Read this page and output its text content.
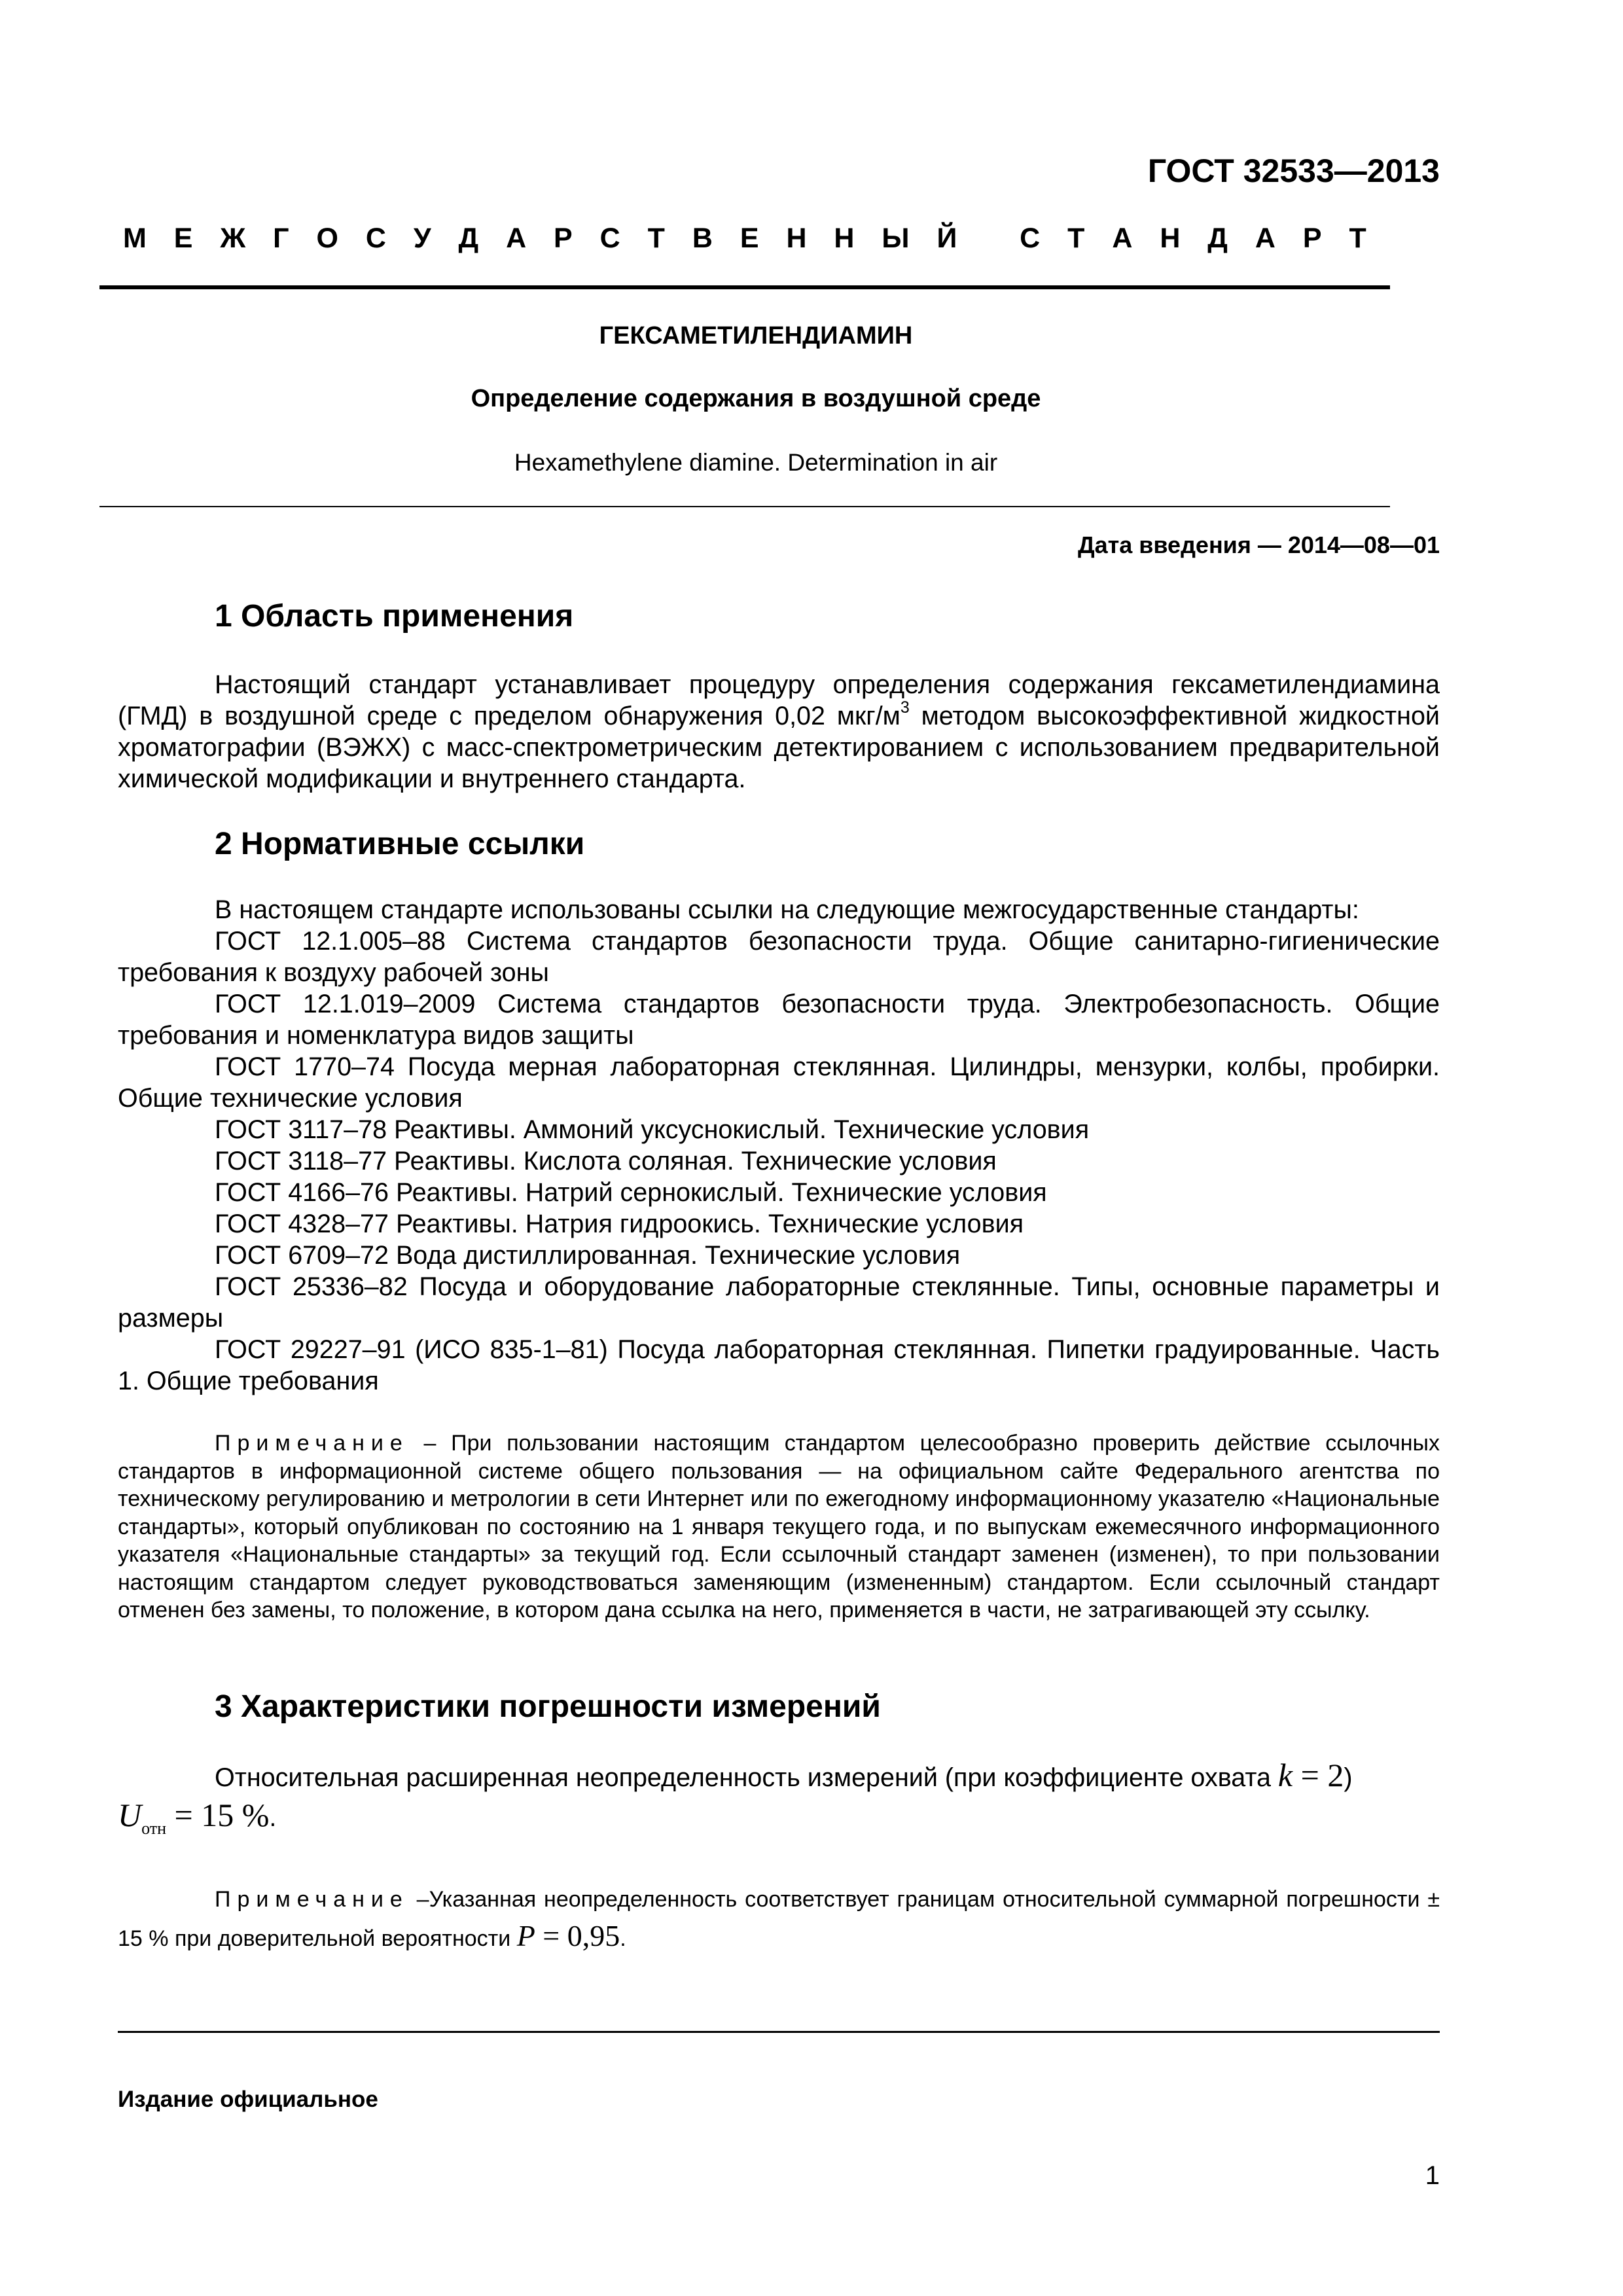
ГОСТ 32533—2013
М Е Ж Г О С У Д А Р С Т В Е Н Н Ы Й
С Т А Н Д А Р Т
ГЕКСАМЕТИЛЕНДИАМИН
Определение содержания в воздушной среде
Hexamethylene diamine. Determination in air
Дата введения — 2014—08—01
1 Область применения
Настоящий стандарт устанавливает процедуру определения содержания гексаметилендиамина (ГМД) в воздушной среде с пределом обнаружения 0,02 мкг/$м^3$ методом высокоэффективной жидкостной хроматографии (ВЭЖХ) с масс-спектрометрическим детектированием с использованием предварительной химической модификации и внутреннего стандарта.
2 Нормативные ссылки
В настоящем стандарте использованы ссылки на следующие межгосударственные стандарты:
ГОСТ 12.1.005–88 Система стандартов безопасности труда. Общие санитарно-гигиенические требования к воздуху рабочей зоны
ГОСТ 12.1.019–2009 Система стандартов безопасности труда. Электробезопасность. Общие требования и номенклатура видов защиты
ГОСТ 1770–74 Посуда мерная лабораторная стеклянная. Цилиндры, мензурки, колбы, пробирки. Общие технические условия
ГОСТ 3117–78 Реактивы. Аммоний уксуснокислый. Технические условия
ГОСТ 3118–77 Реактивы. Кислота соляная. Технические условия
ГОСТ 4166–76 Реактивы. Натрий сернокислый. Технические условия
ГОСТ 4328–77 Реактивы. Натрия гидроокись. Технические условия
ГОСТ 6709–72 Вода дистиллированная. Технические условия
ГОСТ 25336–82 Посуда и оборудование лабораторные стеклянные. Типы, основные параметры и размеры
ГОСТ 29227–91 (ИСО 835-1–81) Посуда лабораторная стеклянная. Пипетки градуированные. Часть 1. Общие требования
Примечание – При пользовании настоящим стандартом целесообразно проверить действие ссылочных стандартов в информационной системе общего пользования — на официальном сайте Федерального агентства по техническому регулированию и метрологии в сети Интернет или по ежегодному информационному указателю «Национальные стандарты», который опубликован по состоянию на 1 января текущего года, и по выпускам ежемесячного информационного указателя «Национальные стандарты» за текущий год. Если ссылочный стандарт заменен (изменен), то при пользовании настоящим стандартом следует руководствоваться заменяющим (измененным) стандартом. Если ссылочный стандарт отменен без замены, то положение, в котором дана ссылка на него, применяется в части, не затрагивающей эту ссылку.
3 Характеристики погрешности измерений
Относительная расширенная неопределенность измерений (при коэффициенте охвата k = 2)
$U_{отн} = 15$ %.
Примечание –Указанная неопределенность соответствует границам относительной суммарной погрешности ± 15 % при доверительной вероятности P = 0,95.
Издание официальное
1
